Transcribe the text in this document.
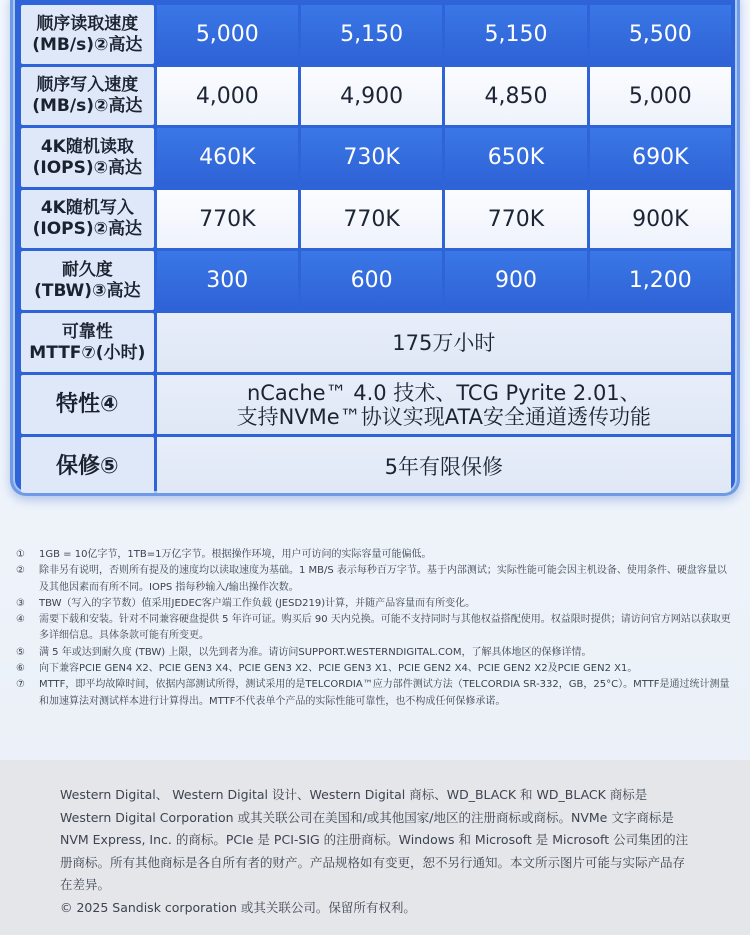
顺序读取速度
(MB/s)②高达	5,000	5,150	5,150	5,500

顺序写入速度
(MB/s)②高达	4,000	4,900	4,850	5,000

4K随机读取
(IOPS)②高达	460K	730K	650K	690K

4K随机写入
(IOPS)②高达	770K	770K	770K	900K

耐久度
(TBW)③高达	300	600	900	1,200

可靠性
MTTF⑦(小时)	175万小时			
特性④	nCache™ 4.0 技术、TCG Pyrite 2.01、
支持NVMe™协议实现ATA安全通道透传功能			

保修⑤	5年有限保修			
①	1GB = 10亿字节，1TB=1万亿字节。根据操作环境，用户可访问的实际容量可能偏低。
②	除非另有说明，否则所有提及的速度均以读取速度为基础。1 MB/S 表示每秒百万字节。基于内部测试；实际性能可能会因主机设备、使用条件、硬盘容量以及其他因素而有所不同。IOPS 指每秒输入/输出操作次数。
③	TBW（写入的字节数）值采用JEDEC客户端工作负载 (JESD219)计算，并随产品容量而有所变化。
④	需要下载和安装。针对不同兼容硬盘提供 5 年许可证。购买后 90 天内兑换。可能不支持同时与其他权益搭配使用。权益限时提供；请访问官方网站以获取更多详细信息。具体条款可能有所变更。
⑤	满 5 年或达到耐久度 (TBW) 上限，以先到者为准。请访问SUPPORT.WESTERNDIGITAL.COM，了解具体地区的保修详情。
⑥	向下兼容PCIE GEN4 X2、PCIE GEN3 X4、PCIE GEN3 X2、PCIE GEN3 X1、PCIE GEN2 X4、PCIE GEN2 X2及PCIE GEN2 X1。
⑦	MTTF，即平均故障时间，依据内部测试所得，测试采用的是TELCORDIA™应力部件测试方法（TELCORDIA SR-332，GB，25°C）。MTTF是通过统计测量和加速算法对测试样本进行计算得出。MTTF不代表单个产品的实际性能可靠性，也不构成任何保修承诺。
Western Digital、 Western Digital 设计、Western Digital 商标、WD_BLACK 和 WD_BLACK 商标是 Western Digital Corporation 或其关联公司在美国和/或其他国家/地区的注册商标或商标。NVMe 文字商标是 NVM Express, Inc. 的商标。PCIe 是 PCI-SIG 的注册商标。Windows 和 Microsoft 是 Microsoft 公司集团的注册商标。所有其他商标是各自所有者的财产。产品规格如有变更，恕不另行通知。本文所示图片可能与实际产品存在差异。
© 2025 Sandisk corporation 或其关联公司。保留所有权利。
